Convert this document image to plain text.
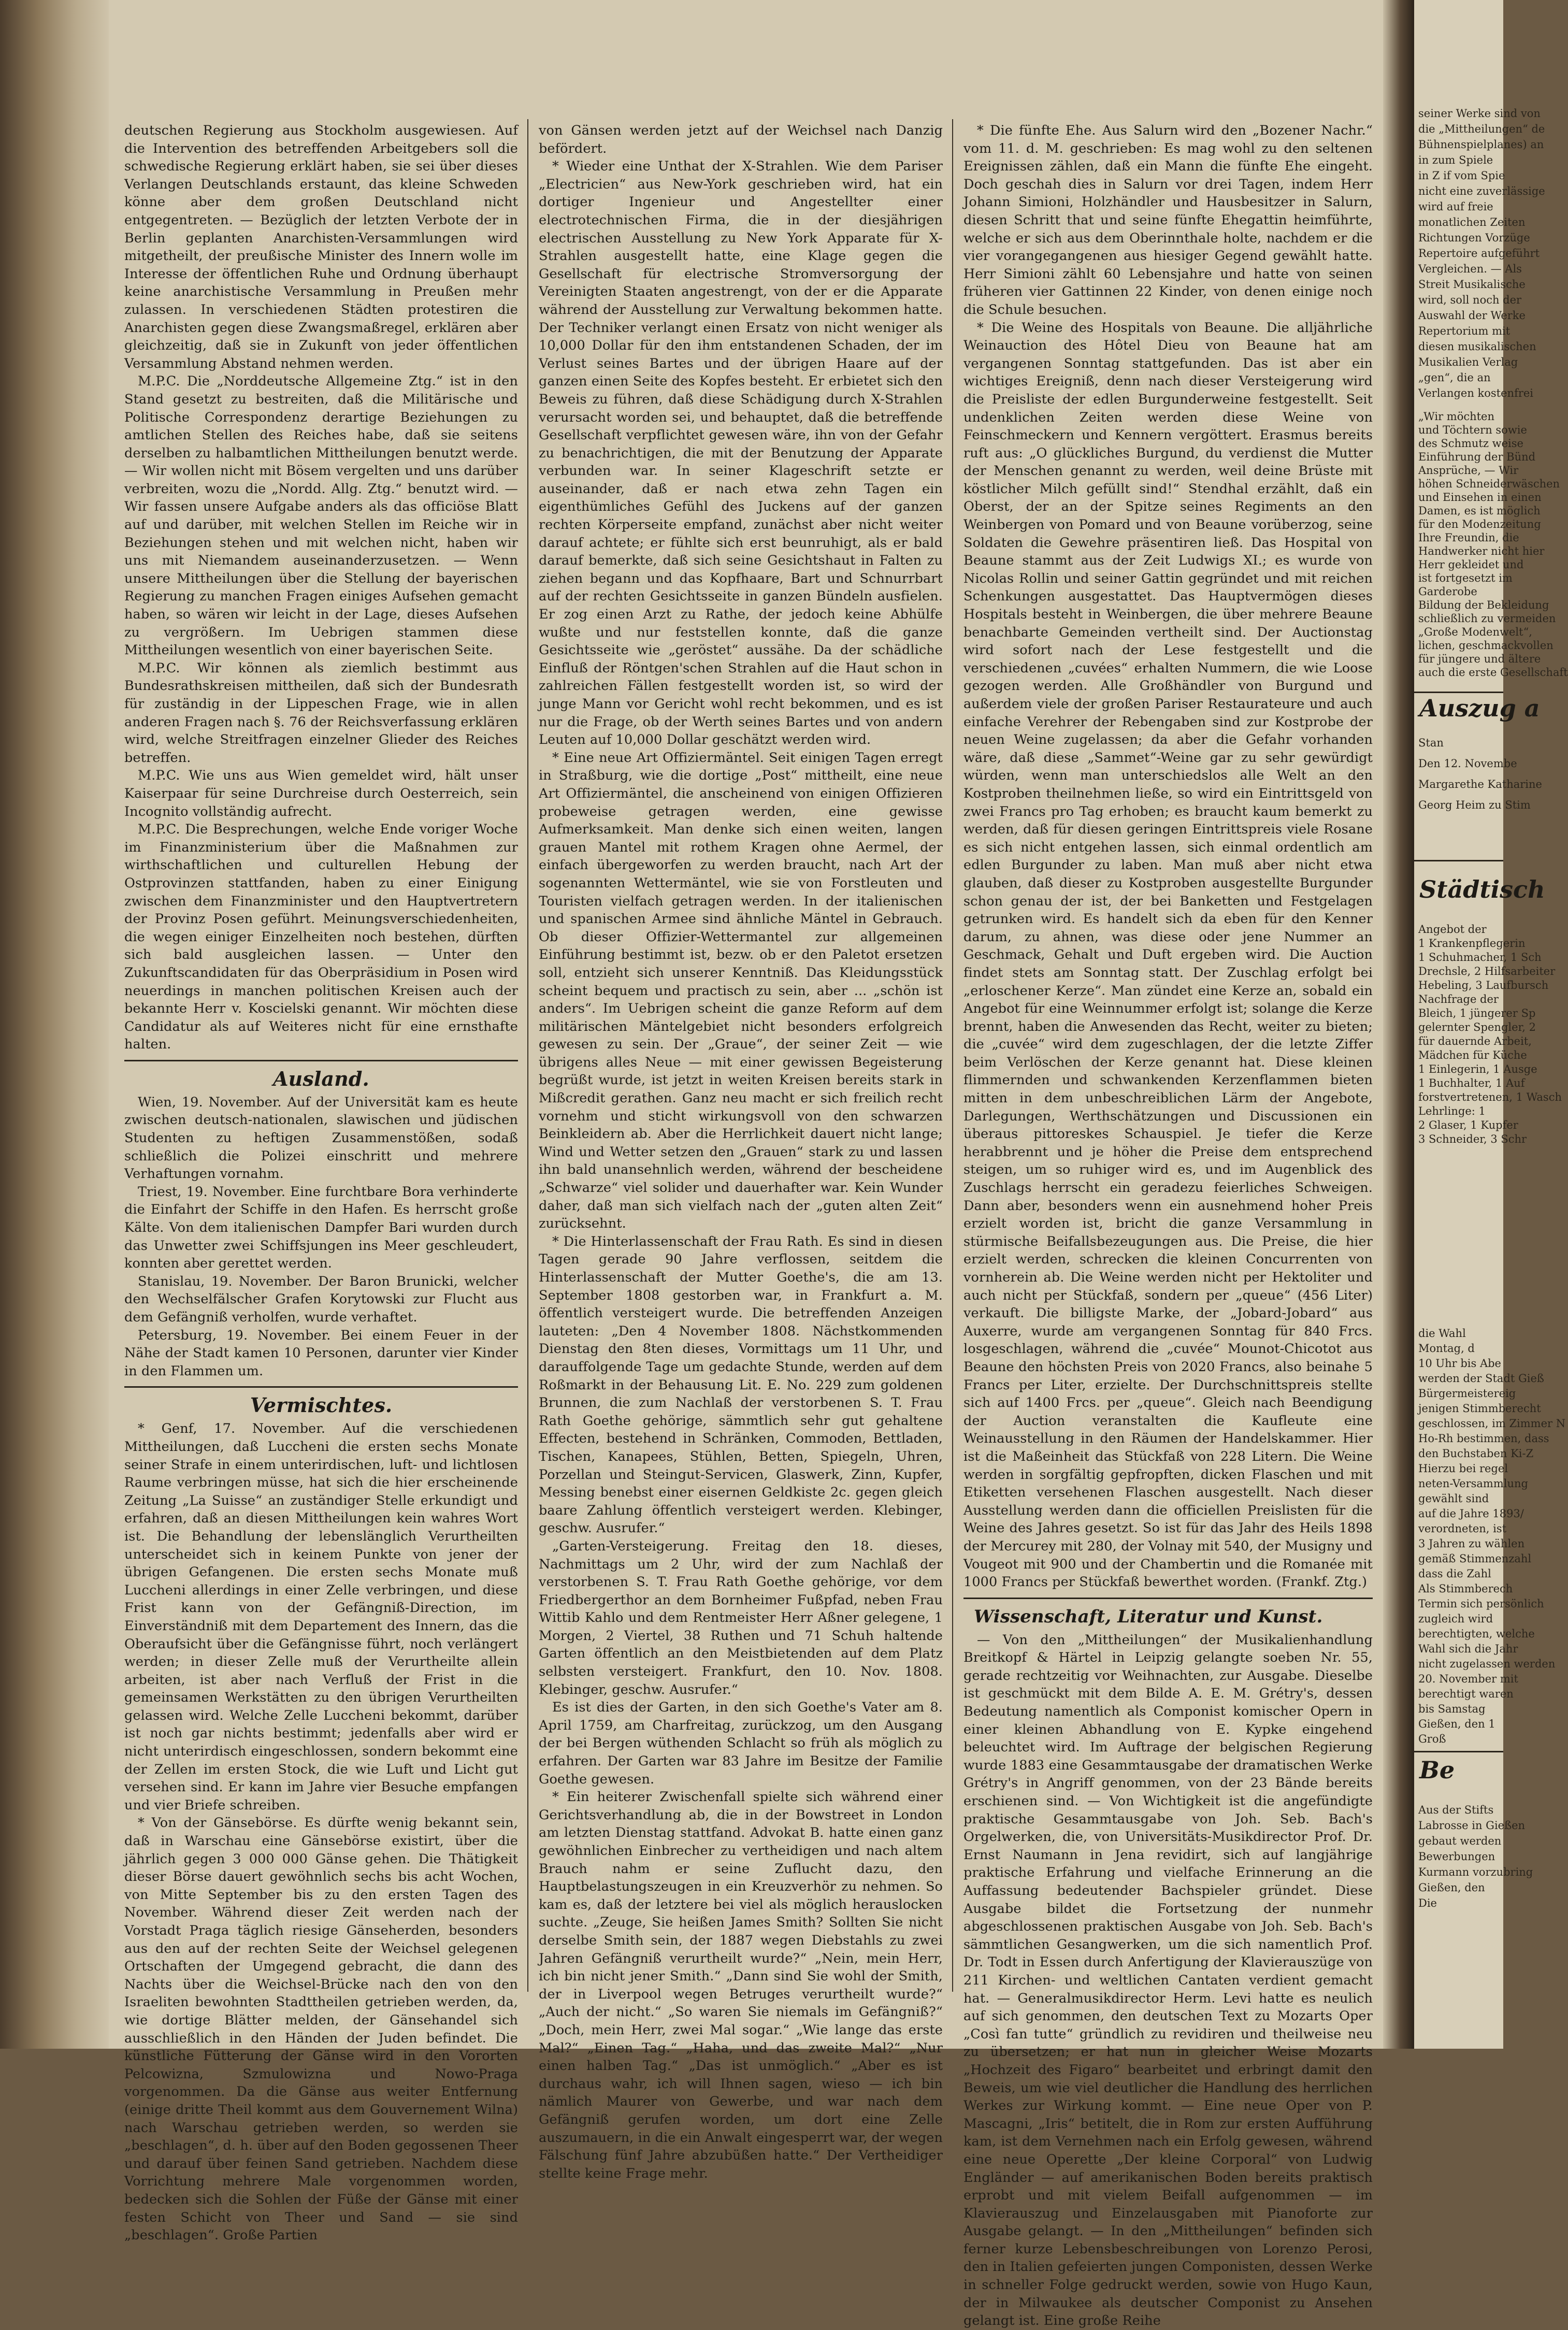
deutschen Regierung aus Stockholm ausgewiesen. Auf die Intervention des betreffenden Arbeitgebers soll die schwedische Regierung erklärt haben, sie sei über dieses Verlangen Deutschlands erstaunt, das kleine Schweden könne aber dem großen Deutschland nicht entgegentreten. — Bezüglich der letzten Verbote der in Berlin geplanten Anarchisten-Versammlungen wird mitgetheilt, der preußische Minister des Innern wolle im Interesse der öffentlichen Ruhe und Ordnung überhaupt keine anarchistische Versammlung in Preußen mehr zulassen. In verschiedenen Städten protestiren die Anarchisten gegen diese Zwangsmaßregel, erklären aber gleichzeitig, daß sie in Zukunft von jeder öffentlichen Versammlung Abstand nehmen werden.

M.P.C. Die „Norddeutsche Allgemeine Ztg.“ ist in den Stand gesetzt zu bestreiten, daß die Militärische und Politische Correspondenz derartige Beziehungen zu amtlichen Stellen des Reiches habe, daß sie seitens derselben zu halbamtlichen Mittheilungen benutzt werde. — Wir wollen nicht mit Bösem vergelten und uns darüber verbreiten, wozu die „Nordd. Allg. Ztg.“ benutzt wird. — Wir fassen unsere Aufgabe anders als das officiöse Blatt auf und darüber, mit welchen Stellen im Reiche wir in Beziehungen stehen und mit welchen nicht, haben wir uns mit Niemandem auseinanderzusetzen. — Wenn unsere Mittheilungen über die Stellung der bayerischen Regierung zu manchen Fragen einiges Aufsehen gemacht haben, so wären wir leicht in der Lage, dieses Aufsehen zu vergrößern. Im Uebrigen stammen diese Mittheilungen wesentlich von einer bayerischen Seite.

M.P.C. Wir können als ziemlich bestimmt aus Bundesrathskreisen mittheilen, daß sich der Bundesrath für zuständig in der Lippeschen Frage, wie in allen anderen Fragen nach §. 76 der Reichsverfassung erklären wird, welche Streitfragen einzelner Glieder des Reiches betreffen.

M.P.C. Wie uns aus Wien gemeldet wird, hält unser Kaiserpaar für seine Durchreise durch Oesterreich, sein Incognito vollständig aufrecht.

M.P.C. Die Besprechungen, welche Ende voriger Woche im Finanzministerium über die Maßnahmen zur wirthschaftlichen und culturellen Hebung der Ostprovinzen stattfanden, haben zu einer Einigung zwischen dem Finanzminister und den Hauptvertretern der Provinz Posen geführt. Meinungsverschiedenheiten, die wegen einiger Einzelheiten noch bestehen, dürften sich bald ausgleichen lassen. — Unter den Zukunftscandidaten für das Oberpräsidium in Posen wird neuerdings in manchen politischen Kreisen auch der bekannte Herr v. Koscielski genannt. Wir möchten diese Candidatur als auf Weiteres nicht für eine ernsthafte halten.

Ausland.

Wien, 19. November. Auf der Universität kam es heute zwischen deutsch-nationalen, slawischen und jüdischen Studenten zu heftigen Zusammenstößen, sodaß schließlich die Polizei einschritt und mehrere Verhaftungen vornahm.

Triest, 19. November. Eine furchtbare Bora verhinderte die Einfahrt der Schiffe in den Hafen. Es herrscht große Kälte. Von dem italienischen Dampfer Bari wurden durch das Unwetter zwei Schiffsjungen ins Meer geschleudert, konnten aber gerettet werden.

Stanislau, 19. November. Der Baron Brunicki, welcher den Wechselfälscher Grafen Korytowski zur Flucht aus dem Gefängniß verholfen, wurde verhaftet.

Petersburg, 19. November. Bei einem Feuer in der Nähe der Stadt kamen 10 Personen, darunter vier Kinder in den Flammen um.

Vermischtes.

* Genf, 17. November. Auf die verschiedenen Mittheilungen, daß Luccheni die ersten sechs Monate seiner Strafe in einem unterirdischen, luft- und lichtlosen Raume verbringen müsse, hat sich die hier erscheinende Zeitung „La Suisse“ an zuständiger Stelle erkundigt und erfahren, daß an diesen Mittheilungen kein wahres Wort ist. Die Behandlung der lebenslänglich Verurtheilten unterscheidet sich in keinem Punkte von jener der übrigen Gefangenen. Die ersten sechs Monate muß Luccheni allerdings in einer Zelle verbringen, und diese Frist kann von der Gefängniß-Direction, im Einverständniß mit dem Departement des Innern, das die Oberaufsicht über die Gefängnisse führt, noch verlängert werden; in dieser Zelle muß der Verurtheilte allein arbeiten, ist aber nach Verfluß der Frist in die gemeinsamen Werkstätten zu den übrigen Verurtheilten gelassen wird. Welche Zelle Luccheni bekommt, darüber ist noch gar nichts bestimmt; jedenfalls aber wird er nicht unterirdisch eingeschlossen, sondern bekommt eine der Zellen im ersten Stock, die wie Luft und Licht gut versehen sind. Er kann im Jahre vier Besuche empfangen und vier Briefe schreiben.

* Von der Gänsebörse. Es dürfte wenig bekannt sein, daß in Warschau eine Gänsebörse existirt, über die jährlich gegen 3 000 000 Gänse gehen. Die Thätigkeit dieser Börse dauert gewöhnlich sechs bis acht Wochen, von Mitte September bis zu den ersten Tagen des November. Während dieser Zeit werden nach der Vorstadt Praga täglich riesige Gänseherden, besonders aus den auf der rechten Seite der Weichsel gelegenen Ortschaften der Umgegend gebracht, die dann des Nachts über die Weichsel-Brücke nach den von den Israeliten bewohnten Stadttheilen getrieben werden, da, wie dortige Blätter melden, der Gänsehandel sich ausschließlich in den Händen der Juden befindet. Die künstliche Fütterung der Gänse wird in den Vororten Pelcowizna, Szmulowizna und Nowo-Praga vorgenommen. Da die Gänse aus weiter Entfernung (einige dritte Theil kommt aus dem Gouvernement Wilna) nach Warschau getrieben werden, so werden sie „beschlagen“, d. h. über auf den Boden gegossenen Theer und darauf über feinen Sand getrieben. Nachdem diese Vorrichtung mehrere Male vorgenommen worden, bedecken sich die Sohlen der Füße der Gänse mit einer festen Schicht von Theer und Sand — sie sind „beschlagen“. Große Partien

von Gänsen werden jetzt auf der Weichsel nach Danzig befördert.

* Wieder eine Unthat der X-Strahlen. Wie dem Pariser „Electricien“ aus New-York geschrieben wird, hat ein dortiger Ingenieur und Angestellter einer electrotechnischen Firma, die in der diesjährigen electrischen Ausstellung zu New York Apparate für X-Strahlen ausgestellt hatte, eine Klage gegen die Gesellschaft für electrische Stromversorgung der Vereinigten Staaten angestrengt, von der er die Apparate während der Ausstellung zur Verwaltung bekommen hatte. Der Techniker verlangt einen Ersatz von nicht weniger als 10,000 Dollar für den ihm entstandenen Schaden, der im Verlust seines Bartes und der übrigen Haare auf der ganzen einen Seite des Kopfes besteht. Er erbietet sich den Beweis zu führen, daß diese Schädigung durch X-Strahlen verursacht worden sei, und behauptet, daß die betreffende Gesellschaft verpflichtet gewesen wäre, ihn von der Gefahr zu benachrichtigen, die mit der Benutzung der Apparate verbunden war. In seiner Klageschrift setzte er auseinander, daß er nach etwa zehn Tagen ein eigenthümliches Gefühl des Juckens auf der ganzen rechten Körperseite empfand, zunächst aber nicht weiter darauf achtete; er fühlte sich erst beunruhigt, als er bald darauf bemerkte, daß sich seine Gesichtshaut in Falten zu ziehen begann und das Kopfhaare, Bart und Schnurrbart auf der rechten Gesichtsseite in ganzen Bündeln ausfielen. Er zog einen Arzt zu Rathe, der jedoch keine Abhülfe wußte und nur feststellen konnte, daß die ganze Gesichtsseite wie „geröstet“ aussähe. Da der schädliche Einfluß der Röntgen'schen Strahlen auf die Haut schon in zahlreichen Fällen festgestellt worden ist, so wird der junge Mann vor Gericht wohl recht bekommen, und es ist nur die Frage, ob der Werth seines Bartes und von andern Leuten auf 10,000 Dollar geschätzt werden wird.

* Eine neue Art Offiziermäntel. Seit einigen Tagen erregt in Straßburg, wie die dortige „Post“ mittheilt, eine neue Art Offiziermäntel, die anscheinend von einigen Offizieren probeweise getragen werden, eine gewisse Aufmerksamkeit. Man denke sich einen weiten, langen grauen Mantel mit rothem Kragen ohne Aermel, der einfach übergeworfen zu werden braucht, nach Art der sogenannten Wettermäntel, wie sie von Forstleuten und Touristen vielfach getragen werden. In der italienischen und spanischen Armee sind ähnliche Mäntel in Gebrauch. Ob dieser Offizier-Wettermantel zur allgemeinen Einführung bestimmt ist, bezw. ob er den Paletot ersetzen soll, entzieht sich unserer Kenntniß. Das Kleidungsstück scheint bequem und practisch zu sein, aber ... „schön ist anders“. Im Uebrigen scheint die ganze Reform auf dem militärischen Mäntelgebiet nicht besonders erfolgreich gewesen zu sein. Der „Graue“, der seiner Zeit — wie übrigens alles Neue — mit einer gewissen Begeisterung begrüßt wurde, ist jetzt in weiten Kreisen bereits stark in Mißcredit gerathen. Ganz neu macht er sich freilich recht vornehm und sticht wirkungsvoll von den schwarzen Beinkleidern ab. Aber die Herrlichkeit dauert nicht lange; Wind und Wetter setzen den „Grauen“ stark zu und lassen ihn bald unansehnlich werden, während der bescheidene „Schwarze“ viel solider und dauerhafter war. Kein Wunder daher, daß man sich vielfach nach der „guten alten Zeit“ zurücksehnt.

* Die Hinterlassenschaft der Frau Rath. Es sind in diesen Tagen gerade 90 Jahre verflossen, seitdem die Hinterlassenschaft der Mutter Goethe's, die am 13. September 1808 gestorben war, in Frankfurt a. M. öffentlich versteigert wurde. Die betreffenden Anzeigen lauteten: „Den 4 November 1808. Nächstkommenden Dienstag den 8ten dieses, Vormittags um 11 Uhr, und darauffolgende Tage um gedachte Stunde, werden auf dem Roßmarkt in der Behausung Lit. E. No. 229 zum goldenen Brunnen, die zum Nachlaß der verstorbenen S. T. Frau Rath Goethe gehörige, sämmtlich sehr gut gehaltene Effecten, bestehend in Schränken, Commoden, Bettladen, Tischen, Kanapees, Stühlen, Betten, Spiegeln, Uhren, Porzellan und Steingut-Servicen, Glaswerk, Zinn, Kupfer, Messing benebst einer eisernen Geldkiste 2c. gegen gleich baare Zahlung öffentlich versteigert werden. Klebinger, geschw. Ausrufer.“

„Garten-Versteigerung. Freitag den 18. dieses, Nachmittags um 2 Uhr, wird der zum Nachlaß der verstorbenen S. T. Frau Rath Goethe gehörige, vor dem Friedbergerthor an dem Bornheimer Fußpfad, neben Frau Wittib Kahlo und dem Rentmeister Herr Aßner gelegene, 1 Morgen, 2 Viertel, 38 Ruthen und 71 Schuh haltende Garten öffentlich an den Meistbietenden auf dem Platz selbsten versteigert. Frankfurt, den 10. Nov. 1808. Klebinger, geschw. Ausrufer.“

Es ist dies der Garten, in den sich Goethe's Vater am 8. April 1759, am Charfreitag, zurückzog, um den Ausgang der bei Bergen wüthenden Schlacht so früh als möglich zu erfahren. Der Garten war 83 Jahre im Besitze der Familie Goethe gewesen.

* Ein heiterer Zwischenfall spielte sich während einer Gerichtsverhandlung ab, die in der Bowstreet in London am letzten Dienstag stattfand. Advokat B. hatte einen ganz gewöhnlichen Einbrecher zu vertheidigen und nach altem Brauch nahm er seine Zuflucht dazu, den Hauptbelastungszeugen in ein Kreuzverhör zu nehmen. So kam es, daß der letztere bei viel als möglich herauslocken suchte. „Zeuge, Sie heißen James Smith? Sollten Sie nicht derselbe Smith sein, der 1887 wegen Diebstahls zu zwei Jahren Gefängniß verurtheilt wurde?“ „Nein, mein Herr, ich bin nicht jener Smith.“ „Dann sind Sie wohl der Smith, der in Liverpool wegen Betruges verurtheilt wurde?“ „Auch der nicht.“ „So waren Sie niemals im Gefängniß?“ „Doch, mein Herr, zwei Mal sogar.“ „Wie lange das erste Mal?“ „Einen Tag.“ „Haha, und das zweite Mal?“ „Nur einen halben Tag.“ „Das ist unmöglich.“ „Aber es ist durchaus wahr, ich will Ihnen sagen, wieso — ich bin nämlich Maurer von Gewerbe, und war nach dem Gefängniß gerufen worden, um dort eine Zelle auszumauern, in die ein Anwalt eingesperrt war, der wegen Fälschung fünf Jahre abzubüßen hatte.“ Der Vertheidiger stellte keine Frage mehr.

* Die fünfte Ehe. Aus Salurn wird den „Bozener Nachr.“ vom 11. d. M. geschrieben: Es mag wohl zu den seltenen Ereignissen zählen, daß ein Mann die fünfte Ehe eingeht. Doch geschah dies in Salurn vor drei Tagen, indem Herr Johann Simioni, Holzhändler und Hausbesitzer in Salurn, diesen Schritt that und seine fünfte Ehegattin heimführte, welche er sich aus dem Oberinnthale holte, nachdem er die vier vorangegangenen aus hiesiger Gegend gewählt hatte. Herr Simioni zählt 60 Lebensjahre und hatte von seinen früheren vier Gattinnen 22 Kinder, von denen einige noch die Schule besuchen.

* Die Weine des Hospitals von Beaune. Die alljährliche Weinauction des Hôtel Dieu von Beaune hat am vergangenen Sonntag stattgefunden. Das ist aber ein wichtiges Ereigniß, denn nach dieser Versteigerung wird die Preisliste der edlen Burgunderweine festgestellt. Seit undenklichen Zeiten werden diese Weine von Feinschmeckern und Kennern vergöttert. Erasmus bereits ruft aus: „O glückliches Burgund, du verdienst die Mutter der Menschen genannt zu werden, weil deine Brüste mit köstlicher Milch gefüllt sind!“ Stendhal erzählt, daß ein Oberst, der an der Spitze seines Regiments an den Weinbergen von Pomard und von Beaune vorüberzog, seine Soldaten die Gewehre präsentiren ließ. Das Hospital von Beaune stammt aus der Zeit Ludwigs XI.; es wurde von Nicolas Rollin und seiner Gattin gegründet und mit reichen Schenkungen ausgestattet. Das Hauptvermögen dieses Hospitals besteht in Weinbergen, die über mehrere Beaune benachbarte Gemeinden vertheilt sind. Der Auctionstag wird sofort nach der Lese festgestellt und die verschiedenen „cuvées“ erhalten Nummern, die wie Loose gezogen werden. Alle Großhändler von Burgund und außerdem viele der großen Pariser Restaurateure und auch einfache Verehrer der Rebengaben sind zur Kostprobe der neuen Weine zugelassen; da aber die Gefahr vorhanden wäre, daß diese „Sammet“-Weine gar zu sehr gewürdigt würden, wenn man unterschiedslos alle Welt an den Kostproben theilnehmen ließe, so wird ein Eintrittsgeld von zwei Francs pro Tag erhoben; es braucht kaum bemerkt zu werden, daß für diesen geringen Eintrittspreis viele Rosane es sich nicht entgehen lassen, sich einmal ordentlich am edlen Burgunder zu laben. Man muß aber nicht etwa glauben, daß dieser zu Kostproben ausgestellte Burgunder schon genau der ist, der bei Banketten und Festgelagen getrunken wird. Es handelt sich da eben für den Kenner darum, zu ahnen, was diese oder jene Nummer an Geschmack, Gehalt und Duft ergeben wird. Die Auction findet stets am Sonntag statt. Der Zuschlag erfolgt bei „erloschener Kerze“. Man zündet eine Kerze an, sobald ein Angebot für eine Weinnummer erfolgt ist; solange die Kerze brennt, haben die Anwesenden das Recht, weiter zu bieten; die „cuvée“ wird dem zugeschlagen, der die letzte Ziffer beim Verlöschen der Kerze genannt hat. Diese kleinen flimmernden und schwankenden Kerzenflammen bieten mitten in dem unbeschreiblichen Lärm der Angebote, Darlegungen, Werthschätzungen und Discussionen ein überaus pittoreskes Schauspiel. Je tiefer die Kerze herabbrennt und je höher die Preise dem entsprechend steigen, um so ruhiger wird es, und im Augenblick des Zuschlags herrscht ein geradezu feierliches Schweigen. Dann aber, besonders wenn ein ausnehmend hoher Preis erzielt worden ist, bricht die ganze Versammlung in stürmische Beifallsbezeugungen aus. Die Preise, die hier erzielt werden, schrecken die kleinen Concurrenten von vornherein ab. Die Weine werden nicht per Hektoliter und auch nicht per Stückfaß, sondern per „queue“ (456 Liter) verkauft. Die billigste Marke, der „Jobard-Jobard“ aus Auxerre, wurde am vergangenen Sonntag für 840 Frcs. losgeschlagen, während die „cuvée“ Mounot-Chicotot aus Beaune den höchsten Preis von 2020 Francs, also beinahe 5 Francs per Liter, erzielte. Der Durchschnittspreis stellte sich auf 1400 Frcs. per „queue“. Gleich nach Beendigung der Auction veranstalten die Kaufleute eine Weinausstellung in den Räumen der Handelskammer. Hier ist die Maßeinheit das Stückfaß von 228 Litern. Die Weine werden in sorgfältig gepfropften, dicken Flaschen und mit Etiketten versehenen Flaschen ausgestellt. Nach dieser Ausstellung werden dann die officiellen Preislisten für die Weine des Jahres gesetzt. So ist für das Jahr des Heils 1898 der Mercurey mit 280, der Volnay mit 540, der Musigny und Vougeot mit 900 und der Chambertin und die Romanée mit 1000 Francs per Stückfaß bewerthet worden. (Frankf. Ztg.)

Wissenschaft, Literatur und Kunst.

— Von den „Mittheilungen“ der Musikalienhandlung Breitkopf & Härtel in Leipzig gelangte soeben Nr. 55, gerade rechtzeitig vor Weihnachten, zur Ausgabe. Dieselbe ist geschmückt mit dem Bilde A. E. M. Grétry's, dessen Bedeutung namentlich als Componist komischer Opern in einer kleinen Abhandlung von E. Kypke eingehend beleuchtet wird. Im Auftrage der belgischen Regierung wurde 1883 eine Gesammtausgabe der dramatischen Werke Grétry's in Angriff genommen, von der 23 Bände bereits erschienen sind. — Von Wichtigkeit ist die angefündigte praktische Gesammtausgabe von Joh. Seb. Bach's Orgelwerken, die, von Universitäts-Musikdirector Prof. Dr. Ernst Naumann in Jena revidirt, sich auf langjährige praktische Erfahrung und vielfache Erinnerung an die Auffassung bedeutender Bachspieler gründet. Diese Ausgabe bildet die Fortsetzung der nunmehr abgeschlossenen praktischen Ausgabe von Joh. Seb. Bach's sämmtlichen Gesangwerken, um die sich namentlich Prof. Dr. Todt in Essen durch Anfertigung der Klavierauszüge von 211 Kirchen- und weltlichen Cantaten verdient gemacht hat. — Generalmusikdirector Herm. Levi hatte es neulich auf sich genommen, den deutschen Text zu Mozarts Oper „Così fan tutte“ gründlich zu revidiren und theilweise neu zu übersetzen; er hat nun in gleicher Weise Mozarts „Hochzeit des Figaro“ bearbeitet und erbringt damit den Beweis, um wie viel deutlicher die Handlung des herrlichen Werkes zur Wirkung kommt. — Eine neue Oper von P. Mascagni, „Iris“ betitelt, die in Rom zur ersten Aufführung kam, ist dem Vernehmen nach ein Erfolg gewesen, während eine neue Operette „Der kleine Corporal“ von Ludwig Engländer — auf amerikanischen Boden bereits praktisch erprobt und mit vielem Beifall aufgenommen — im Klavierauszug und Einzelausgaben mit Pianoforte zur Ausgabe gelangt. — In den „Mittheilungen“ befinden sich ferner kurze Lebensbeschreibungen von Lorenzo Perosi, den in Italien gefeierten jungen Componisten, dessen Werke in schneller Folge gedruckt werden, sowie von Hugo Kaun, der in Milwaukee als deutscher Componist zu Ansehen gelangt ist. Eine große Reihe

seiner Werke sind von
die „Mittheilungen“ de
Bühnenspielplanes) an
in zum Spiele
in Z if vom Spie
nicht eine zuverlässige
wird auf freie
monatlichen Zeiten
Richtungen Vorzüge
Repertoire aufgeführt
Vergleichen. — Als
Streit Musikalische
wird, soll noch der
Auswahl der Werke
Repertorium mit
diesen musikalischen
Musikalien Verlag
„gen“, die an
Verlangen kostenfrei
„Wir möchten
und Töchtern sowie
des Schmutz weise
Einführung der Bünd
Ansprüche, — Wir
höhen Schneiderwäschen
und Einsehen in einen
Damen, es ist möglich
für den Modenzeitung
Ihre Freundin, die
Handwerker nicht hier
Herr gekleidet und
ist fortgesetzt im
Garderobe
Bildung der Bekleidung
schließlich zu vermeiden
„Große Modenwelt“,
lichen, geschmackvollen
für jüngere und ältere
auch die erste Gesellschaft
Auszug a
Stan
Den 12. Novembe
Margarethe Katharine
Georg Heim zu Stim
Städtisch
Angebot der
1 Krankenpflegerin
1 Schuhmacher, 1 Sch
Drechsle, 2 Hilfsarbeiter
Hebeling, 3 Laufbursch
Nachfrage der
Bleich, 1 jüngerer Sp
gelernter Spengler, 2
für dauernde Arbeit,
Mädchen für Küche
1 Einlegerin, 1 Ausge
1 Buchhalter, 1 Auf
forstvertretenen, 1 Wasch
Lehrlinge: 1
2 Glaser, 1 Kupfer
3 Schneider, 3 Schr
die Wahl
Montag, d
10 Uhr bis Abe
werden der Stadt Gieß
Bürgermeistereig
jenigen Stimmberecht
geschlossen, im Zimmer N
Ho-Rh bestimmen, dass
den Buchstaben Ki-Z
Hierzu bei regel
neten-Versammlung
gewählt sind
auf die Jahre 1893/
verordneten, ist
3 Jahren zu wählen
gemäß Stimmenzahl
dass die Zahl
Als Stimmberech
Termin sich persönlich
zugleich wird
berechtigten, welche
Wahl sich die Jahr
nicht zugelassen werden
20. November mit
berechtigt waren
bis Samstag
Gießen, den 1
Groß
Be
Aus der Stifts
Labrosse in Gießen
gebaut werden
Bewerbungen
Kurmann vorzubring
Gießen, den
Die
